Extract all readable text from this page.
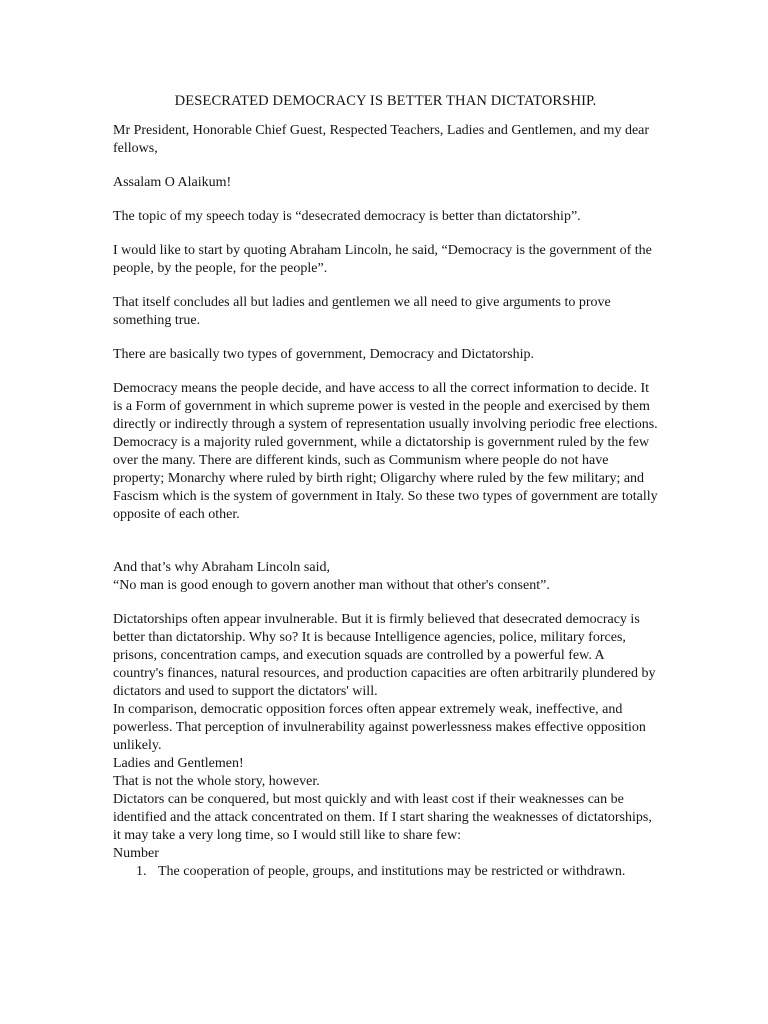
DESECRATED DEMOCRACY IS BETTER THAN DICTATORSHIP.

Mr President, Honorable Chief Guest, Respected Teachers, Ladies and Gentlemen, and my dear fellows,

Assalam O Alaikum!

The topic of my speech today is “desecrated democracy is better than dictatorship”.

I would like to start by quoting Abraham Lincoln, he said, “Democracy is the government of the people, by the people, for the people”.

That itself concludes all but ladies and gentlemen we all need to give arguments to prove something true.

There are basically two types of government, Democracy and Dictatorship.

Democracy means the people decide, and have access to all the correct information to decide. It is a Form of government in which supreme power is vested in the people and exercised by them directly or indirectly through a system of representation usually involving periodic free elections. Democracy is a majority ruled government, while a dictatorship is government ruled by the few over the many. There are different kinds, such as Communism where people do not have property; Monarchy where ruled by birth right; Oligarchy where ruled by the few military; and Fascism which is the system of government in Italy. So these two types of government are totally opposite of each other.

And that’s why Abraham Lincoln said,

“No man is good enough to govern another man without that other's consent”.

Dictatorships often appear invulnerable. But it is firmly believed that desecrated democracy is better than dictatorship. Why so? It is because Intelligence agencies, police, military forces, prisons, concentration camps, and execution squads are controlled by a powerful few. A country's finances, natural resources, and production capacities are often arbitrarily plundered by dictators and used to support the dictators' will.

In comparison, democratic opposition forces often appear extremely weak, ineffective, and powerless. That perception of invulnerability against powerlessness makes effective opposition unlikely.

Ladies and Gentlemen!

That is not the whole story, however.

Dictators can be conquered, but most quickly and with least cost if their weaknesses can be identified and the attack concentrated on them. If I start sharing the weaknesses of dictatorships, it may take a very long time, so I would still like to share few:

Number

1. The cooperation of people, groups, and institutions may be restricted or withdrawn.
